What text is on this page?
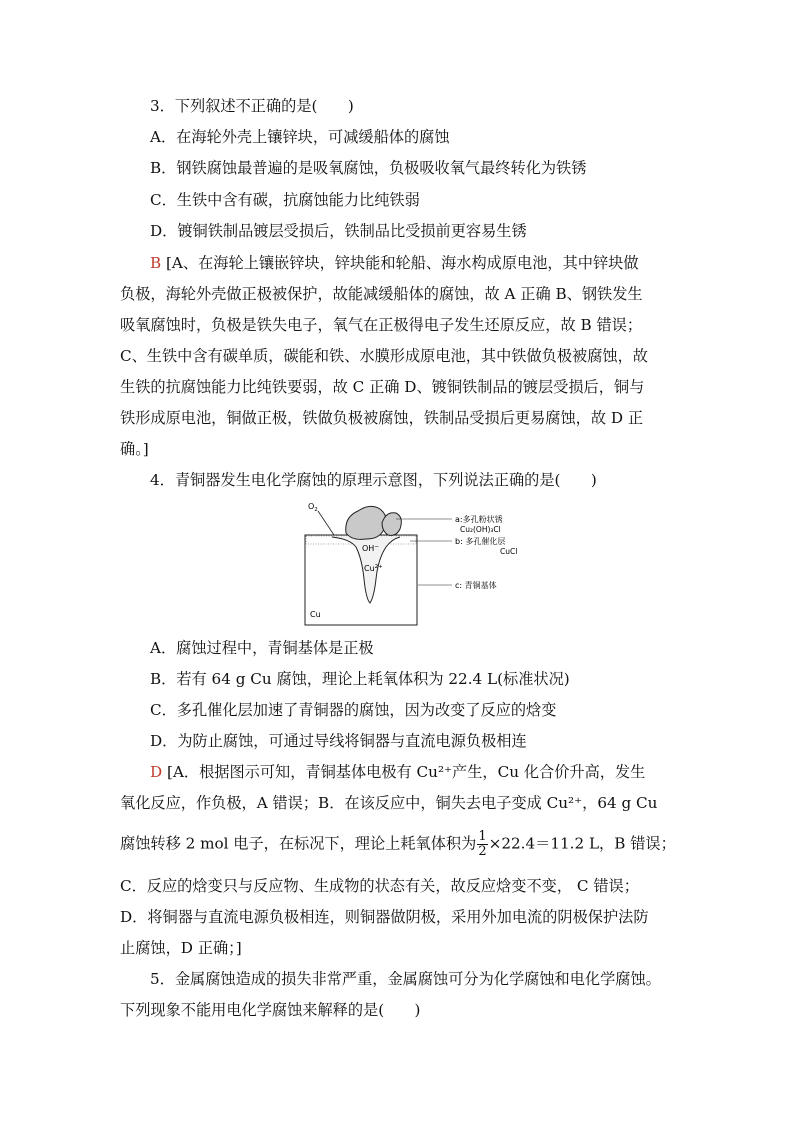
3．下列叙述不正确的是(　　)
A．在海轮外壳上镶锌块，可减缓船体的腐蚀
B．钢铁腐蚀最普遍的是吸氧腐蚀，负极吸收氧气最终转化为铁锈
C．生铁中含有碳，抗腐蚀能力比纯铁弱
D．镀铜铁制品镀层受损后，铁制品比受损前更容易生锈
B [A、在海轮上镶嵌锌块，锌块能和轮船、海水构成原电池，其中锌块做
负极，海轮外壳做正极被保护，故能减缓船体的腐蚀，故 A 正确 B、钢铁发生
吸氧腐蚀时，负极是铁失电子，氧气在正极得电子发生还原反应，故 B 错误；
C、生铁中含有碳单质，碳能和铁、水膜形成原电池，其中铁做负极被腐蚀，故
生铁的抗腐蚀能力比纯铁要弱，故 C 正确 D、镀铜铁制品的镀层受损后，铜与
铁形成原电池，铜做正极，铁做负极被腐蚀，铁制品受损后更易腐蚀，故 D 正
确。]
4．青铜器发生电化学腐蚀的原理示意图，下列说法正确的是(　　)
$O_2$
OH−
$Cu^{2+}$
Cu
a:多孔粉状锈
Cu₂(OH)₃Cl
b: 多孔催化层
CuCl
c: 青铜基体
A．腐蚀过程中，青铜基体是正极
B．若有 64 g Cu 腐蚀，理论上耗氧体积为 22.4 L(标准状况)
C．多孔催化层加速了青铜器的腐蚀，因为改变了反应的焓变
D．为防止腐蚀，可通过导线将铜器与直流电源负极相连
D [A．根据图示可知，青铜基体电极有 Cu²⁺产生，Cu 化合价升高，发生
氧化反应，作负极，A 错误；B．在该反应中，铜失去电子变成 Cu²⁺，64 g Cu
腐蚀转移 2 mol 电子，在标况下，理论上耗氧体积为 $\frac{1}{2} \times 22.4=11.2$ L，B 错误；
C．反应的焓变只与反应物、生成物的状态有关，故反应焓变不变， C 错误；
D．将铜器与直流电源负极相连，则铜器做阴极，采用外加电流的阴极保护法防
止腐蚀，D 正确；]
5．金属腐蚀造成的损失非常严重，金属腐蚀可分为化学腐蚀和电化学腐蚀。
下列现象不能用电化学腐蚀来解释的是(　　)
